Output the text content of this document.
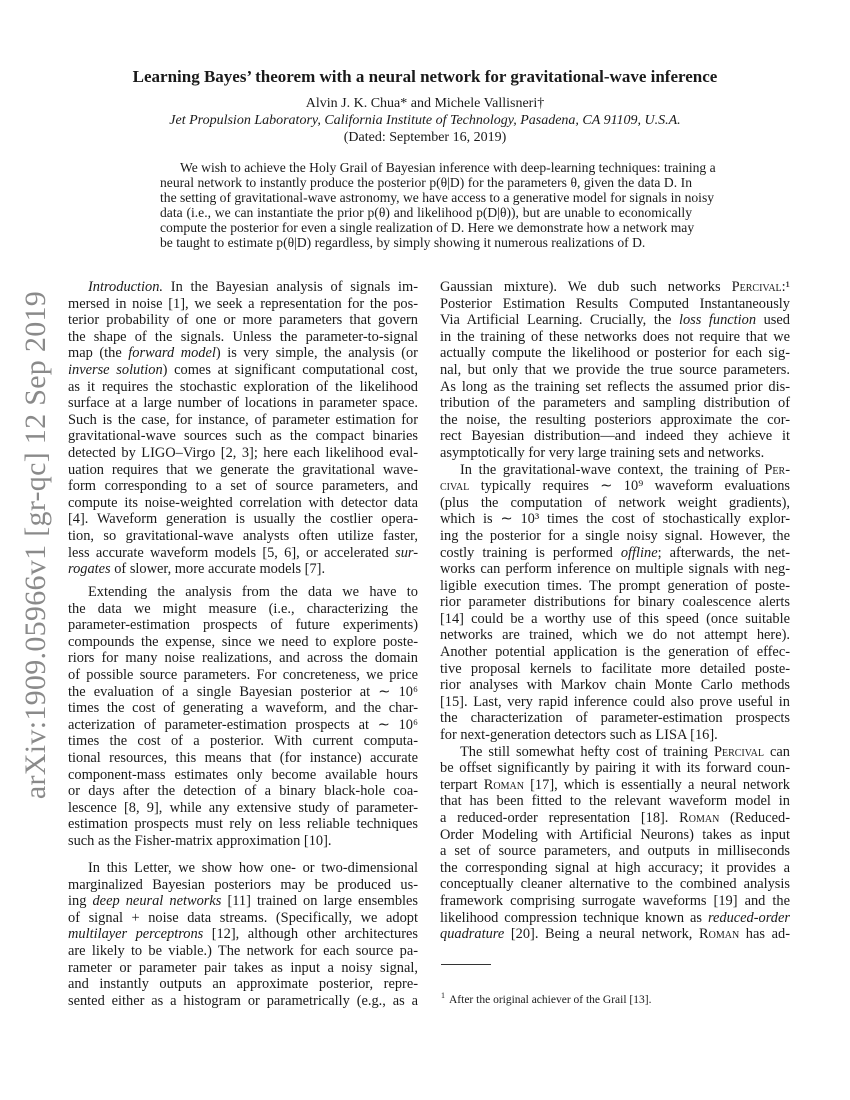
arXiv:1909.05966v1 [gr-qc] 12 Sep 2019
Learning Bayes’ theorem with a neural network for gravitational-wave inference
Alvin J. K. Chua* and Michele Vallisneri†
Jet Propulsion Laboratory, California Institute of Technology, Pasadena, CA 91109, U.S.A.
(Dated: September 16, 2019)
We wish to achieve the Holy Grail of Bayesian inference with deep-learning techniques: training a
neural network to instantly produce the posterior p(θ|D) for the parameters θ, given the data D. In
the setting of gravitational-wave astronomy, we have access to a generative model for signals in noisy
data (i.e., we can instantiate the prior p(θ) and likelihood p(D|θ)), but are unable to economically
compute the posterior for even a single realization of D. Here we demonstrate how a network may
be taught to estimate p(θ|D) regardless, by simply showing it numerous realizations of D.
Introduction. In the Bayesian analysis of signals im-
mersed in noise [1], we seek a representation for the pos-
terior probability of one or more parameters that govern
the shape of the signals. Unless the parameter-to-signal
map (the forward model) is very simple, the analysis (or
inverse solution) comes at significant computational cost,
as it requires the stochastic exploration of the likelihood
surface at a large number of locations in parameter space.
Such is the case, for instance, of parameter estimation for
gravitational-wave sources such as the compact binaries
detected by LIGO–Virgo [2, 3]; here each likelihood eval-
uation requires that we generate the gravitational wave-
form corresponding to a set of source parameters, and
compute its noise-weighted correlation with detector data
[4]. Waveform generation is usually the costlier opera-
tion, so gravitational-wave analysts often utilize faster,
less accurate waveform models [5, 6], or accelerated sur-
rogates of slower, more accurate models [7].
Extending the analysis from the data we have to
the data we might measure (i.e., characterizing the
parameter-estimation prospects of future experiments)
compounds the expense, since we need to explore poste-
riors for many noise realizations, and across the domain
of possible source parameters. For concreteness, we price
the evaluation of a single Bayesian posterior at ∼ 10⁶
times the cost of generating a waveform, and the char-
acterization of parameter-estimation prospects at ∼ 10⁶
times the cost of a posterior. With current computa-
tional resources, this means that (for instance) accurate
component-mass estimates only become available hours
or days after the detection of a binary black-hole coa-
lescence [8, 9], while any extensive study of parameter-
estimation prospects must rely on less reliable techniques
such as the Fisher-matrix approximation [10].
In this Letter, we show how one- or two-dimensional
marginalized Bayesian posteriors may be produced us-
ing deep neural networks [11] trained on large ensembles
of signal + noise data streams. (Specifically, we adopt
multilayer perceptrons [12], although other architectures
are likely to be viable.) The network for each source pa-
rameter or parameter pair takes as input a noisy signal,
and instantly outputs an approximate posterior, repre-
sented either as a histogram or parametrically (e.g., as a
Gaussian mixture). We dub such networks Percival:¹
Posterior Estimation Results Computed Instantaneously
Via Artificial Learning. Crucially, the loss function used
in the training of these networks does not require that we
actually compute the likelihood or posterior for each sig-
nal, but only that we provide the true source parameters.
As long as the training set reflects the assumed prior dis-
tribution of the parameters and sampling distribution of
the noise, the resulting posteriors approximate the cor-
rect Bayesian distribution—and indeed they achieve it
asymptotically for very large training sets and networks.
In the gravitational-wave context, the training of Per-
cival typically requires ∼ 10⁹ waveform evaluations
(plus the computation of network weight gradients),
which is ∼ 10³ times the cost of stochastically explor-
ing the posterior for a single noisy signal. However, the
costly training is performed offline; afterwards, the net-
works can perform inference on multiple signals with neg-
ligible execution times. The prompt generation of poste-
rior parameter distributions for binary coalescence alerts
[14] could be a worthy use of this speed (once suitable
networks are trained, which we do not attempt here).
Another potential application is the generation of effec-
tive proposal kernels to facilitate more detailed poste-
rior analyses with Markov chain Monte Carlo methods
[15]. Last, very rapid inference could also prove useful in
the characterization of parameter-estimation prospects
for next-generation detectors such as LISA [16].
The still somewhat hefty cost of training Percival can
be offset significantly by pairing it with its forward coun-
terpart Roman [17], which is essentially a neural network
that has been fitted to the relevant waveform model in
a reduced-order representation [18]. Roman (Reduced-
Order Modeling with Artificial Neurons) takes as input
a set of source parameters, and outputs in milliseconds
the corresponding signal at high accuracy; it provides a
conceptually cleaner alternative to the combined analysis
framework comprising surrogate waveforms [19] and the
likelihood compression technique known as reduced-order
quadrature [20]. Being a neural network, Roman has ad-
$^1$ After the original achiever of the Grail [13].
